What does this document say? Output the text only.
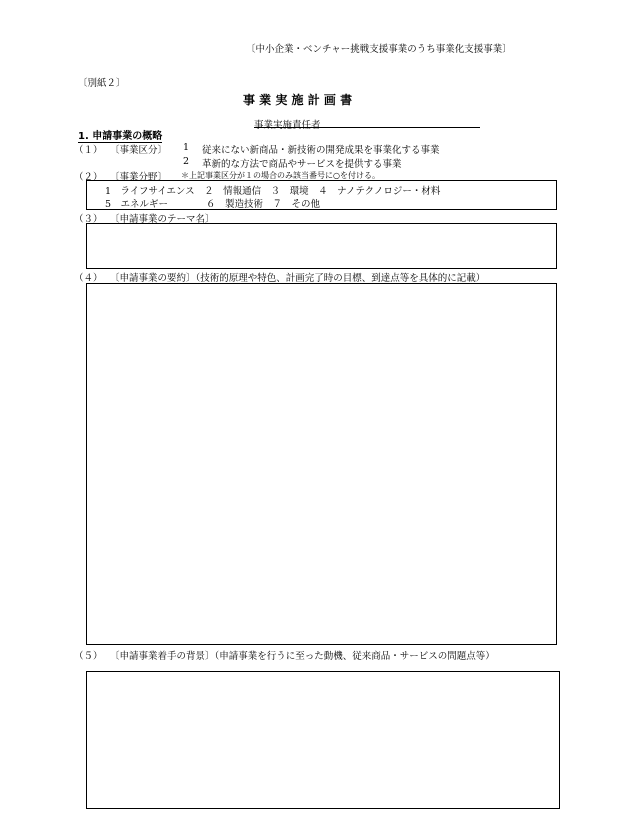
〔中小企業・ベンチャー挑戦支援事業のうち事業化支援事業〕
〔別紙２〕
事 業 実 施 計 画 書
事業実施責任者
1. 申請事業の概略
（１） 〔事業区分〕 1 従来にない新商品・新技術の開発成果を事業化する事業
2 革新的な方法で商品やサービスを提供する事業
（２） 〔事業分野〕 ＊上記事業区分が１の場合のみ該当番号に○を付ける。
1　ライフサイエンス　２　情報通信　３　環境　４　ナノテクノロジー・材料
5　エネルギー　　　　６　製造技術　７　その他
（３） 〔申請事業のテーマ名〕
（４） 〔申請事業の要約〕（技術的原理や特色、計画完了時の目標、到達点等を具体的に記載）
（５） 〔申請事業着手の背景〕（申請事業を行うに至った動機、従来商品・サービスの問題点等）
